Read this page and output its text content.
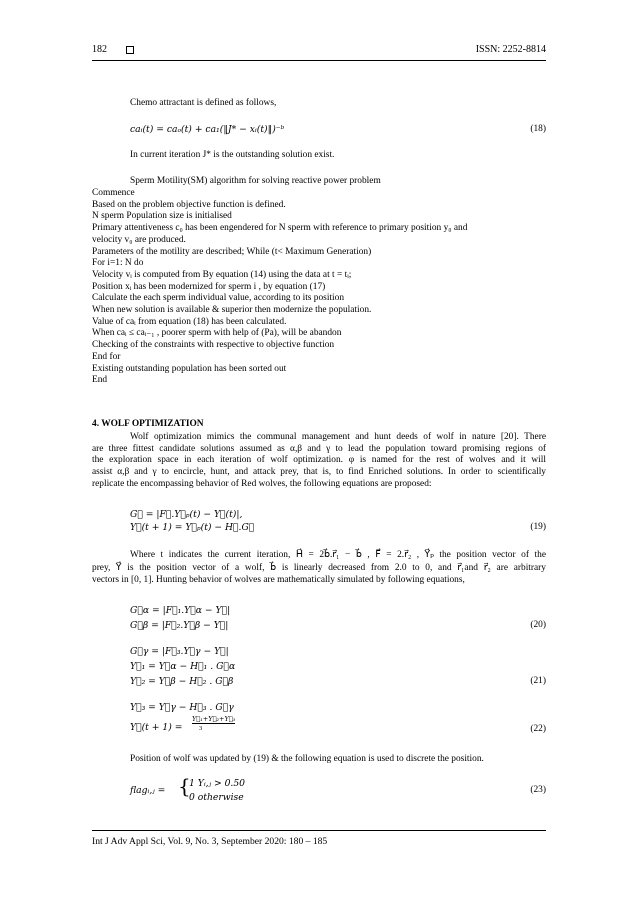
182	ISSN: 2252-8814
Chemo attractant is defined as follows,
caᵢ(t) = caₒ(t) + ca₁(‖J* − xᵢ(t)‖)⁻ᵇ	(18)
In current iteration J* is the outstanding solution exist.
Sperm Motility(SM) algorithm for solving reactive power problem
Commence
Based on the problem objective function is defined.
N sperm Population size is initialised
Primary attentiveness c₀ has been engendered for N sperm with reference to primary position y₀ and
velocity v₀ are produced.
Parameters of the motility are described; While (t< Maximum Generation)
For i=1: N do
Velocity vᵢ is computed from By equation (14) using the data at t = tᵢ;
Position xᵢ has been modernized for sperm i , by equation (17)
Calculate the each sperm individual value, according to its position
When new solution is available & superior then modernize the population.
Value of caᵢ from equation (18) has been calculated.
When caᵢ ≤ caᵢ₋₁ , poorer sperm with help of (Pa), will be abandon
Checking of the constraints with respective to objective function
End for
Existing outstanding population has been sorted out
End
4. WOLF OPTIMIZATION
Wolf optimization mimics the communal management and hunt deeds of wolf in nature [20]. There
are three fittest candidate solutions assumed as α,β and γ to lead the population toward promising regions of
the exploration space in each iteration of wolf optimization. φ is named for the rest of wolves and it will
assist α,β and γ to encircle, hunt, and attack prey, that is, to find Enriched solutions. In order to scientifically
replicate the encompassing behavior of Red wolves, the following equations are proposed:
G⃗ = |F⃗.Y⃗ₚ(t) − Y⃗(t)|,
Y⃗(t + 1) = Y⃗ₚ(t) − H⃗.G⃗	(19)
Where t indicates the current iteration, H⃗ = 2b⃗.r⃗₁ − b⃗ , F⃗ = 2.r⃗₂ , Y⃗ₚ the position vector of the
prey, Y⃗ is the position vector of a wolf, b⃗ is linearly decreased from 2.0 to 0, and r⃗₁and r⃗₂ are arbitrary
vectors in [0, 1]. Hunting behavior of wolves are mathematically simulated by following equations,
G⃗α = |F⃗₁.Y⃗α − Y⃗|
G⃗β = |F⃗₂.Y⃗β − Y⃗|	(20)
G⃗γ = |F⃗₃.Y⃗γ − Y⃗|
Y⃗₁ = Y⃗α − H⃗₁ . G⃗α
Y⃗₂ = Y⃗β − H⃗₂ . G⃗β	(21)
Y⃗₃ = Y⃗γ − H⃗₃ . G⃗γ
Y⃗(t + 1) =
Y⃗₁+Y⃗₂+Y⃗₃
3	(22)
Position of wolf was updated by (19) & the following equation is used to discrete the position.
flagᵢ,ⱼ = {
1 Yᵢ,ⱼ > 0.50
0 otherwise
(23)
Int J Adv Appl Sci, Vol. 9, No. 3, September 2020: 180 – 185
